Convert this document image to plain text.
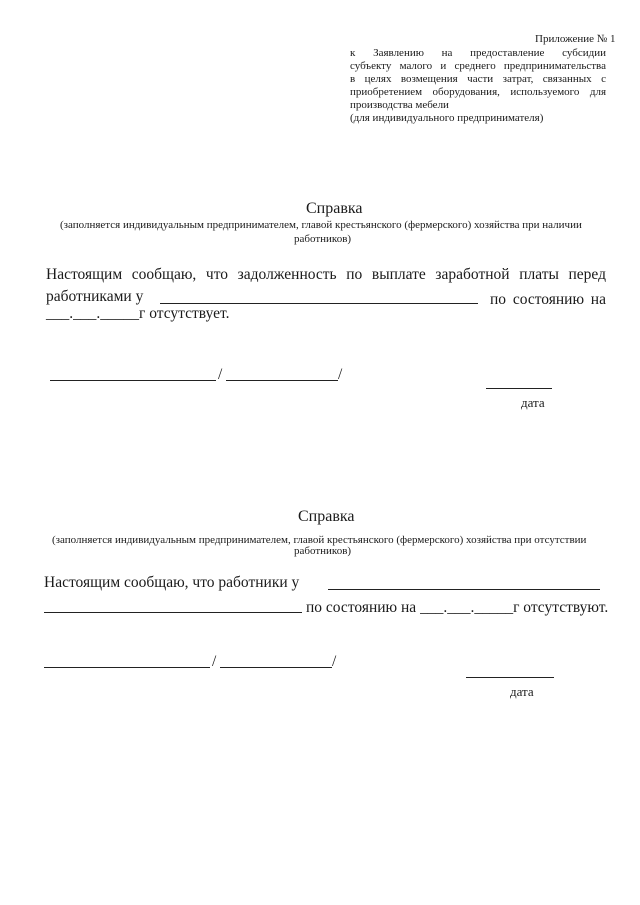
Приложение № 1
к Заявлению на предоставление субсидии
субъекту малого и среднего предпринимательства
в целях возмещения части затрат, связанных с
приобретением оборудования, используемого для
производства мебели
(для индивидуального предпринимателя)
Справка
(заполняется индивидуальным предпринимателем, главой крестьянского (фермерского) хозяйства при наличии
работников)
Настоящим сообщаю, что задолженность по выплате заработной платы перед
работниками у	по состоянию на
___.___._____г отсутствует.
/	/
дата
Справка
(заполняется индивидуальным предпринимателем, главой крестьянского (фермерского) хозяйства при отсутствии
работников)
Настоящим сообщаю, что работники у
по состоянию на ___.___._____г отсутствуют.
/	/
дата
